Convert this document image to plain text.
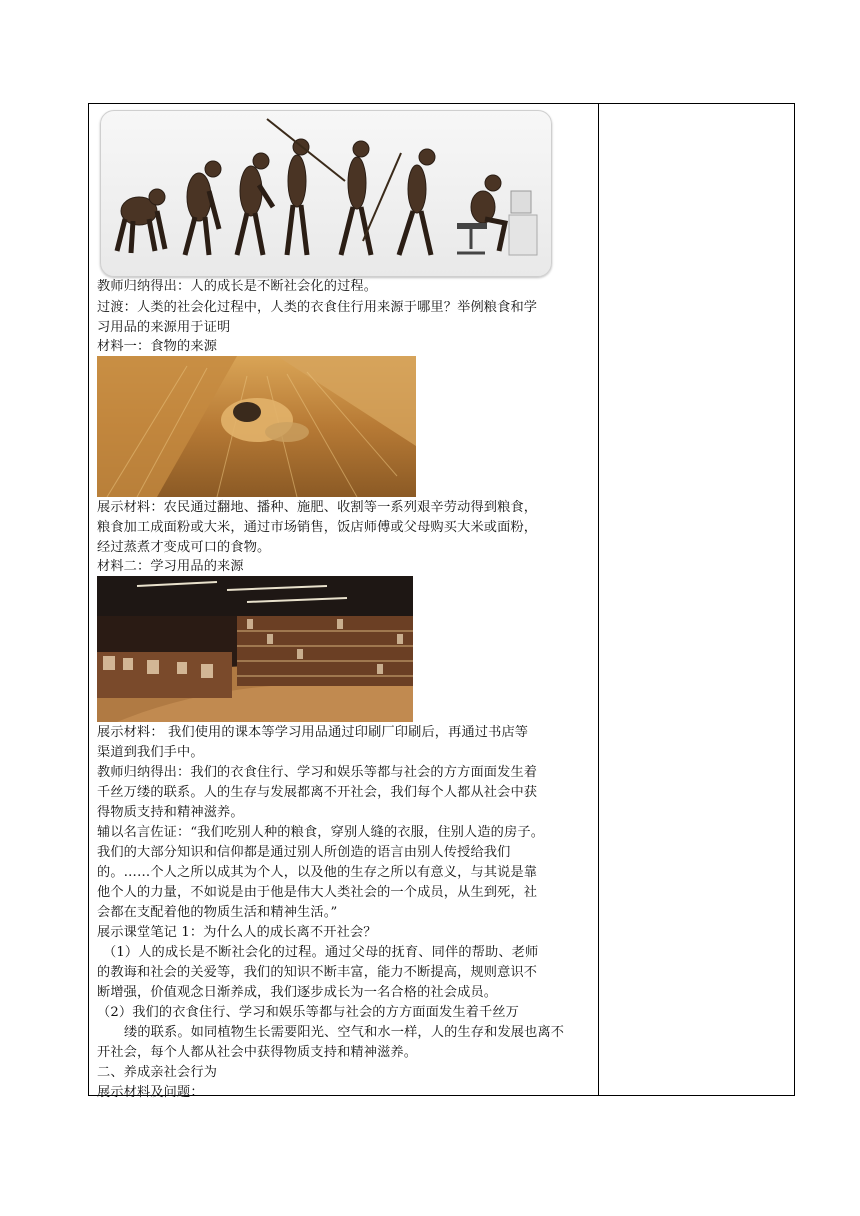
教师归纳得出：人的成长是不断社会化的过程。
过渡：人类的社会化过程中，人类的衣食住行用来源于哪里？举例粮食和学
习用品的来源用于证明
材料一：食物的来源
展示材料：农民通过翻地、播种、施肥、收割等一系列艰辛劳动得到粮食，
粮食加工成面粉或大米，通过市场销售，饭店师傅或父母购买大米或面粉，
经过蒸煮才变成可口的食物。
材料二：学习用品的来源
展示材料： 我们使用的课本等学习用品通过印刷厂印刷后，再通过书店等
渠道到我们手中。
教师归纳得出：我们的衣食住行、学习和娱乐等都与社会的方方面面发生着
千丝万缕的联系。人的生存与发展都离不开社会，我们每个人都从社会中获
得物质支持和精神滋养。
辅以名言佐证：“我们吃别人种的粮食，穿别人缝的衣服，住别人造的房子。
我们的大部分知识和信仰都是通过别人所创造的语言由别人传授给我们
的。……个人之所以成其为个人，以及他的生存之所以有意义，与其说是靠
他个人的力量，不如说是由于他是伟大人类社会的一个成员，从生到死，社
会都在支配着他的物质生活和精神生活。”
展示课堂笔记 1：为什么人的成长离不开社会？
（1）人的成长是不断社会化的过程。通过父母的抚育、同伴的帮助、老师
的教诲和社会的关爱等，我们的知识不断丰富，能力不断提高，规则意识不
断增强，价值观念日渐养成，我们逐步成长为一名合格的社会成员。
（2）我们的衣食住行、学习和娱乐等都与社会的方方面面发生着千丝万
缕的联系。如同植物生长需要阳光、空气和水一样，人的生存和发展也离不
开社会，每个人都从社会中获得物质支持和精神滋养。
二、养成亲社会行为
展示材料及问题：
